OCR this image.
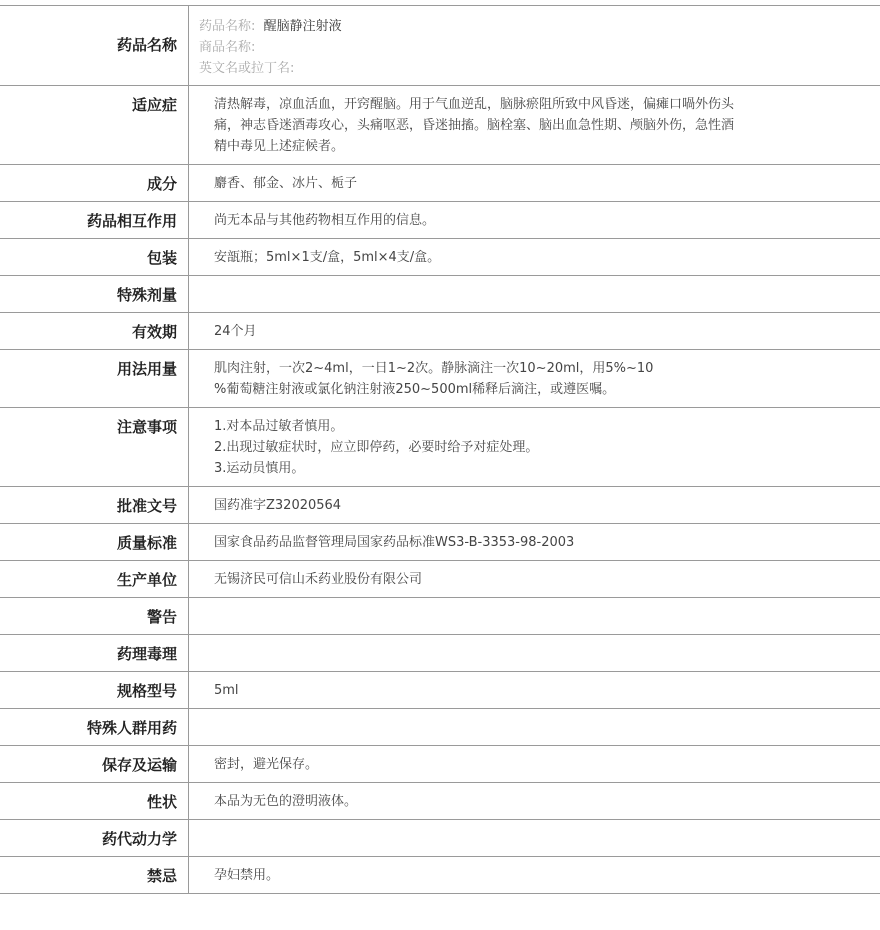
药品名称
药品名称: 醒脑静注射液
商品名称:
英文名或拉丁名:
适应症	清热解毒，凉血活血，开窍醒脑。用于气血逆乱，脑脉瘀阻所致中风昏迷，偏瘫口喎外伤头
痛，神志昏迷酒毒攻心，头痛呕恶，昏迷抽搐。脑栓塞、脑出血急性期、颅脑外伤，急性酒
精中毒见上述症候者。
成分	麝香、郁金、冰片、栀子
药品相互作用	尚无本品与其他药物相互作用的信息。
包装	安瓿瓶；5ml×1支/盒，5ml×4支/盒。
特殊剂量

有效期	24个月
用法用量	肌肉注射，一次2~4ml，一日1~2次。静脉滴注一次10~20ml，用5%~10
%葡萄糖注射液或氯化钠注射液250~500ml稀释后滴注，或遵医嘱。
注意事项	1.对本品过敏者慎用。
2.出现过敏症状时，应立即停药，必要时给予对症处理。
3.运动员慎用。
批准文号	国药准字Z32020564
质量标准	国家食品药品监督管理局国家药品标准WS3-B-3353-98-2003
生产单位	无锡济民可信山禾药业股份有限公司
警告

药理毒理

规格型号	5ml
特殊人群用药

保存及运输	密封，避光保存。
性状	本品为无色的澄明液体。
药代动力学

禁忌	孕妇禁用。
